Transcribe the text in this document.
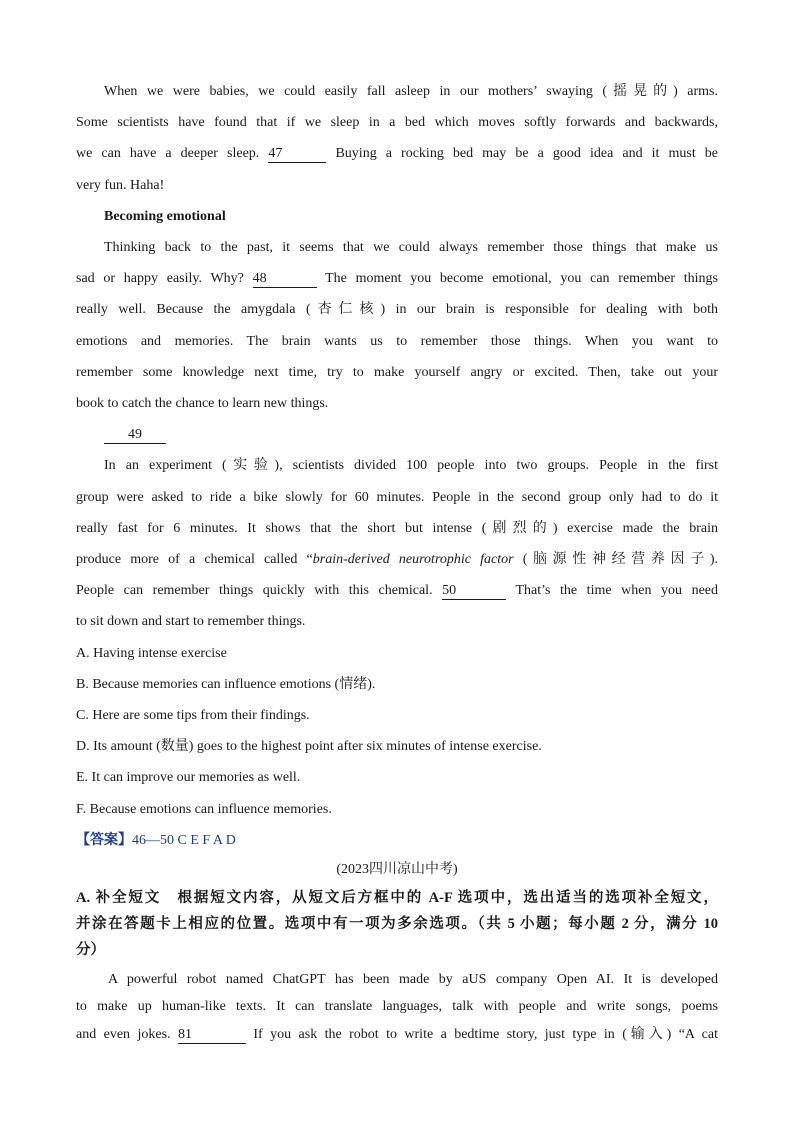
When we were babies, we could easily fall asleep in our mothers’ swaying (摇晃的) arms.
Some scientists have found that if we sleep in a bed which moves softly forwards and backwards,
we can have a deeper sleep. 47	Buying a rocking bed may be a good idea and it must be
very fun. Haha!
Becoming emotional
Thinking back to the past, it seems that we could always remember those things that make us
sad or happy easily. Why? 48	The moment you become emotional, you can remember things
really well. Because the amygdala (杏仁核) in our brain is responsible for dealing with both
emotions and memories. The brain wants us to remember those things. When you want to
remember some knowledge next time, try to make yourself angry or excited. Then, take out your
book to catch the chance to learn new things.
49
In an experiment (实验), scientists divided 100 people into two groups. People in the first
group were asked to ride a bike slowly for 60 minutes. People in the second group only had to do it
really fast for 6 minutes. It shows that the short but intense (剧烈的) exercise made the brain
produce more of a chemical called “brain-derived neurotrophic factor (脑源性神经营养因子).
People can remember things quickly with this chemical. 50	That’s the time when you need
to sit down and start to remember things.
A. Having intense exercise
B. Because memories can influence emotions (情绪).
C. Here are some tips from their findings.
D. Its amount (数量) goes to the highest point after six minutes of intense exercise.
E. It can improve our memories as well.
F. Because emotions can influence memories.
【答案】46—50 C E F A D
(2023四川凉山中考)
A. 补全短文　根据短文内容，从短文后方框中的 A-F 选项中，选出适当的选项补全短文，
并涂在答题卡上相应的位置。选项中有一项为多余选项。（共 5 小题；每小题 2 分，满分 10
分）
A powerful robot named ChatGPT has been made by aUS company Open AI. It is developed
to make up human-like texts. It can translate languages, talk with people and write songs, poems
and even jokes. 81	If you ask the robot to write a bedtime story, just type in (输入) “A cat
